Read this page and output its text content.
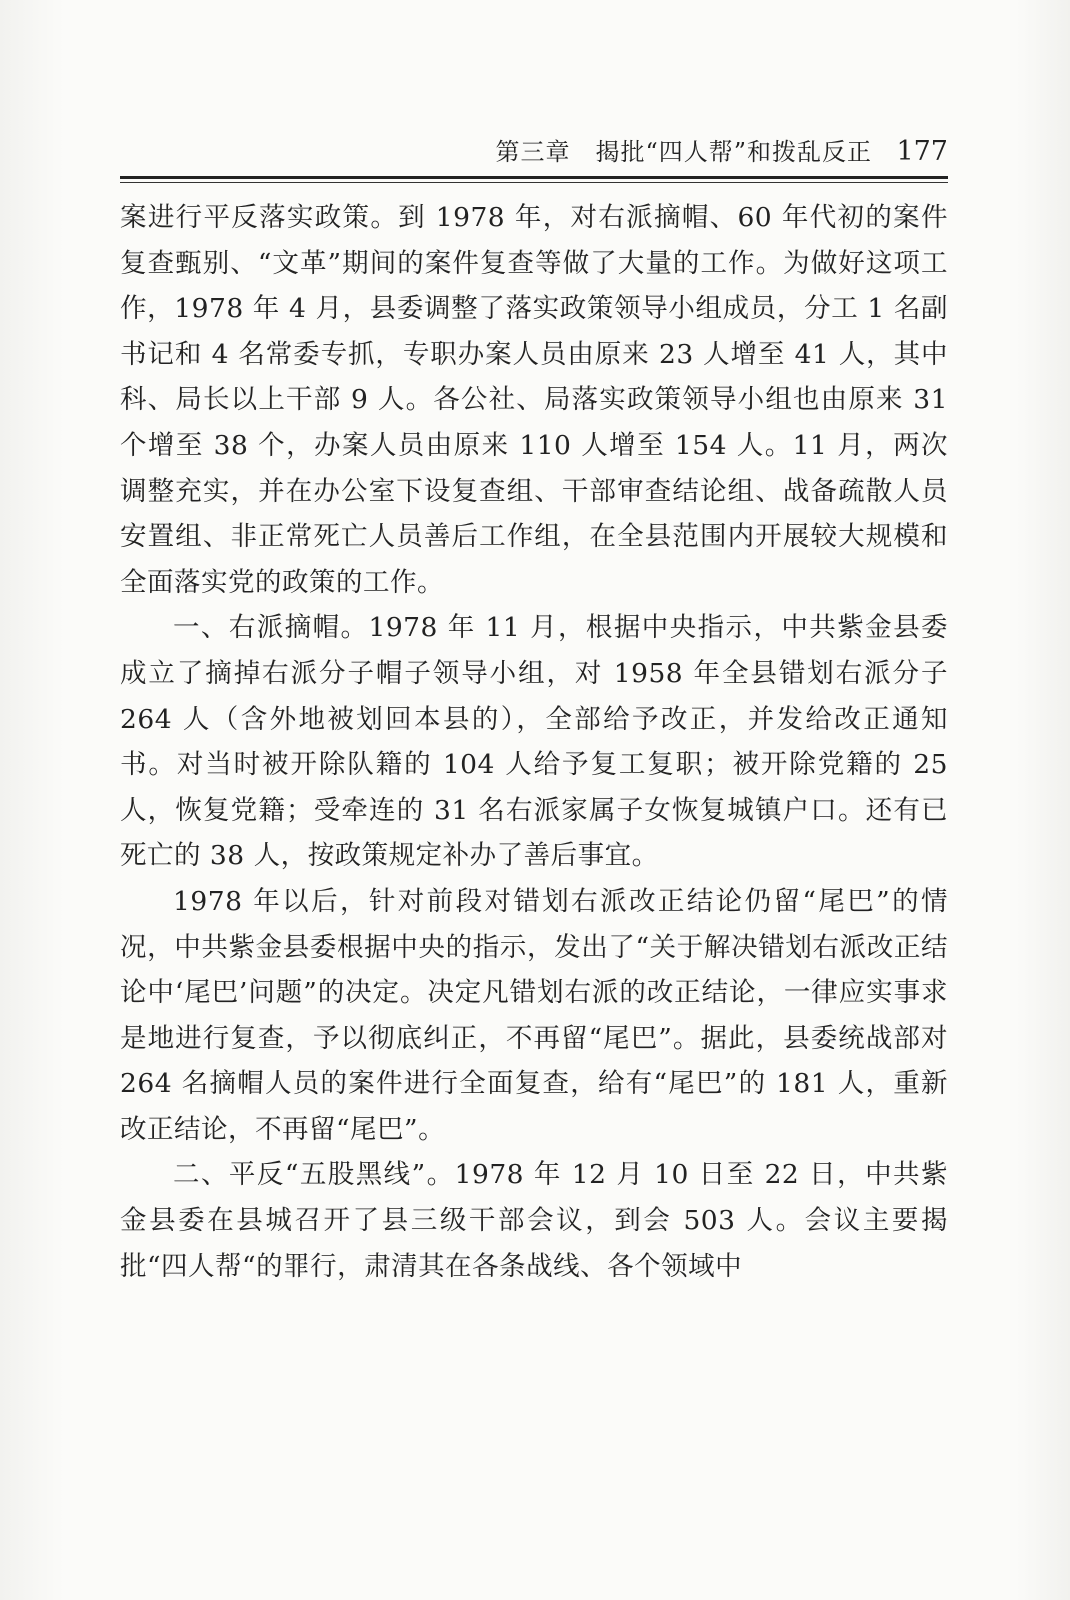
第三章　揭批“四人帮”和拨乱反正 177

案进行平反落实政策。到 1978 年，对右派摘帽、60 年代初的案件复查甄别、“文革”期间的案件复查等做了大量的工作。为做好这项工作，1978 年 4 月，县委调整了落实政策领导小组成员，分工 1 名副书记和 4 名常委专抓，专职办案人员由原来 23 人增至 41 人，其中科、局长以上干部 9 人。各公社、局落实政策领导小组也由原来 31 个增至 38 个，办案人员由原来 110 人增至 154 人。11 月，两次调整充实，并在办公室下设复查组、干部审查结论组、战备疏散人员安置组、非正常死亡人员善后工作组，在全县范围内开展较大规模和全面落实党的政策的工作。

一、右派摘帽。1978 年 11 月，根据中央指示，中共紫金县委成立了摘掉右派分子帽子领导小组，对 1958 年全县错划右派分子 264 人（含外地被划回本县的），全部给予改正，并发给改正通知书。对当时被开除队籍的 104 人给予复工复职；被开除党籍的 25 人，恢复党籍；受牵连的 31 名右派家属子女恢复城镇户口。还有已死亡的 38 人，按政策规定补办了善后事宜。

1978 年以后，针对前段对错划右派改正结论仍留“尾巴”的情况，中共紫金县委根据中央的指示，发出了“关于解决错划右派改正结论中‘尾巴’问题”的决定。决定凡错划右派的改正结论，一律应实事求是地进行复查，予以彻底纠正，不再留“尾巴”。据此，县委统战部对 264 名摘帽人员的案件进行全面复查，给有“尾巴”的 181 人，重新改正结论，不再留“尾巴”。

二、平反“五股黑线”。1978 年 12 月 10 日至 22 日，中共紫金县委在县城召开了县三级干部会议，到会 503 人。会议主要揭批“四人帮“的罪行，肃清其在各条战线、各个领域中
